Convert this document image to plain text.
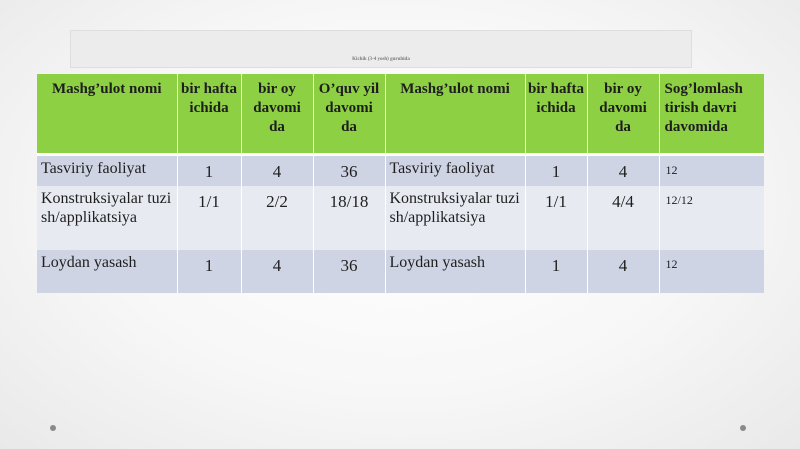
Kichik (3-4 yosh) guruhida
Mashg’ulot nomi	bir hafta ichida	bir oy davomi da	O’quv yil davomi da	Mashg’ulot nomi	bir hafta ichida	bir oy davomi da	Sog’lomlash tirish davri davomida
Tasviriy faoliyat	1	4	36	Tasviriy faoliyat	1	4	12
Konstruksiyalar tuzish/applikatsiya	1/1	2/2	18/18	Konstruksiyalar tuzish/applikatsiya	1/1	4/4	12/12
Loydan yasash	1	4	36	Loydan yasash	1	4	12
